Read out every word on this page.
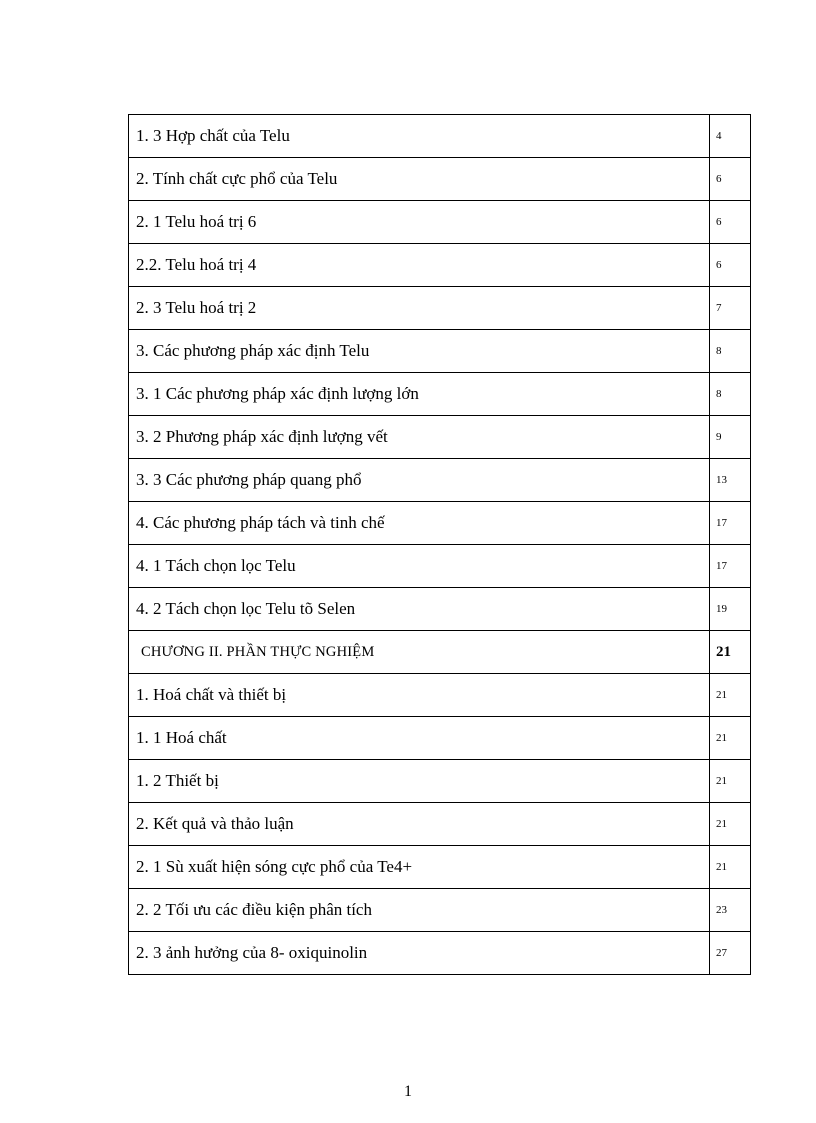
1. 3 Hợp chất của Telu	4
2. Tính chất cực phổ của Telu	6
2. 1 Telu hoá trị 6	6
2.2. Telu hoá trị 4	6
2. 3 Telu hoá trị 2	7
3. Các phương pháp xác định Telu	8
3. 1 Các phương pháp xác định lượng lớn	8
3. 2 Phương pháp xác định lượng vết	9
3. 3 Các phương pháp quang phổ	13
4. Các phương pháp tách và tinh chế	17
4. 1 Tách chọn lọc Telu	17
4. 2 Tách chọn lọc Telu tõ Selen	19
CHƯƠNG II. PHẦN THỰC NGHIỆM	21
1. Hoá chất và thiết bị	21
1. 1 Hoá chất	21
1. 2 Thiết bị	21
2. Kết quả và thảo luận	21
2. 1 Sù xuất hiện sóng cực phổ của Te4+	21
2. 2 Tối ưu các điều kiện phân tích	23
2. 3 ảnh hưởng của 8- oxiquinolin	27
1
